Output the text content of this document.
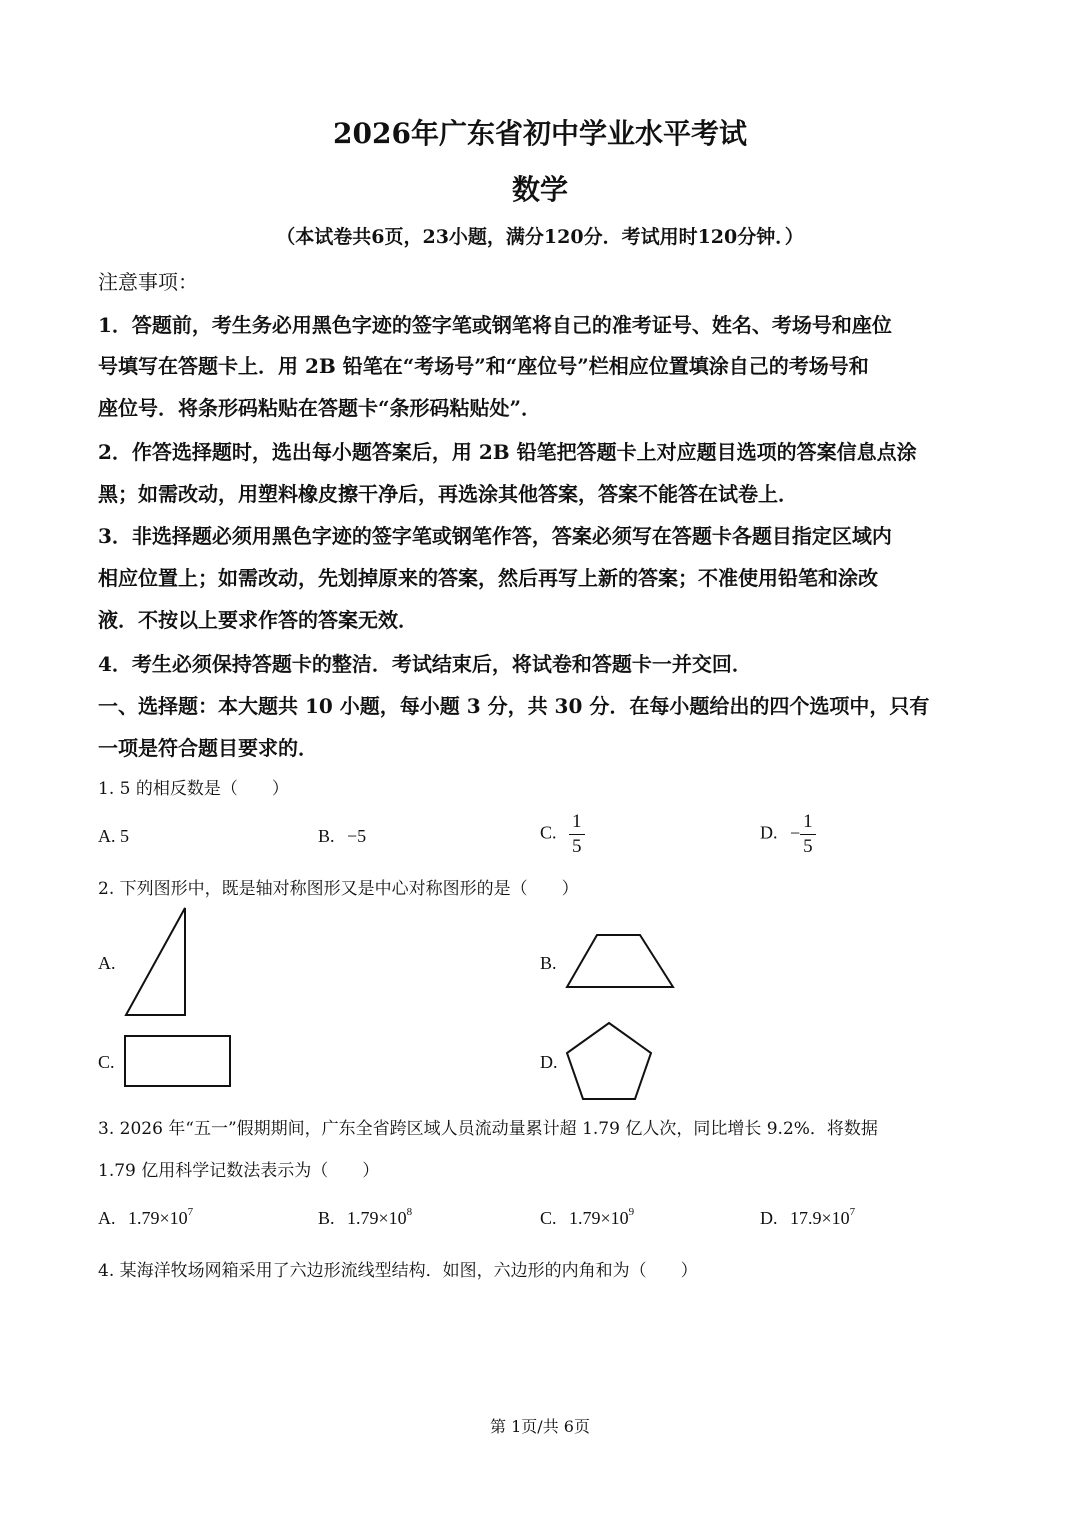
2026年广东省初中学业水平考试
数学
（本试卷共6页，23小题，满分120分．考试用时120分钟．）
注意事项：
1．答题前，考生务必用黑色字迹的签字笔或钢笔将自己的准考证号、姓名、考场号和座位
号填写在答题卡上．用 2B 铅笔在“考场号”和“座位号”栏相应位置填涂自己的考场号和
座位号．将条形码粘贴在答题卡“条形码粘贴处”．
2．作答选择题时，选出每小题答案后，用 2B 铅笔把答题卡上对应题目选项的答案信息点涂
黑；如需改动，用塑料橡皮擦干净后，再选涂其他答案，答案不能答在试卷上．
3．非选择题必须用黑色字迹的签字笔或钢笔作答，答案必须写在答题卡各题目指定区域内
相应位置上；如需改动，先划掉原来的答案，然后再写上新的答案；不准使用铅笔和涂改
液．不按以上要求作答的答案无效．
4．考生必须保持答题卡的整洁．考试结束后，将试卷和答题卡一并交回．
一、选择题：本大题共 10 小题，每小题 3 分，共 30 分．在每小题给出的四个选项中，只有
一项是符合题目要求的．
1. 5 的相反数是（　　）
A. 5	B. −5	C. $\frac{1}{5}$	D. − $\frac{1}{5}$
2. 下列图形中，既是轴对称图形又是中心对称图形的是（　　）
A.	B.
C.	D.
3. 2026 年“五一”假期期间，广东全省跨区域人员流动量累计超 1.79 亿人次，同比增长 9.2%．将数据
1.79 亿用科学记数法表示为（　　）
A. $1.79\times 10^7$	B. $1.79\times 10^8$	C. $1.79\times 10^9$	D. $17.9\times 10^7$
4. 某海洋牧场网箱采用了六边形流线型结构．如图，六边形的内角和为（　　）
第 1页/共 6页
